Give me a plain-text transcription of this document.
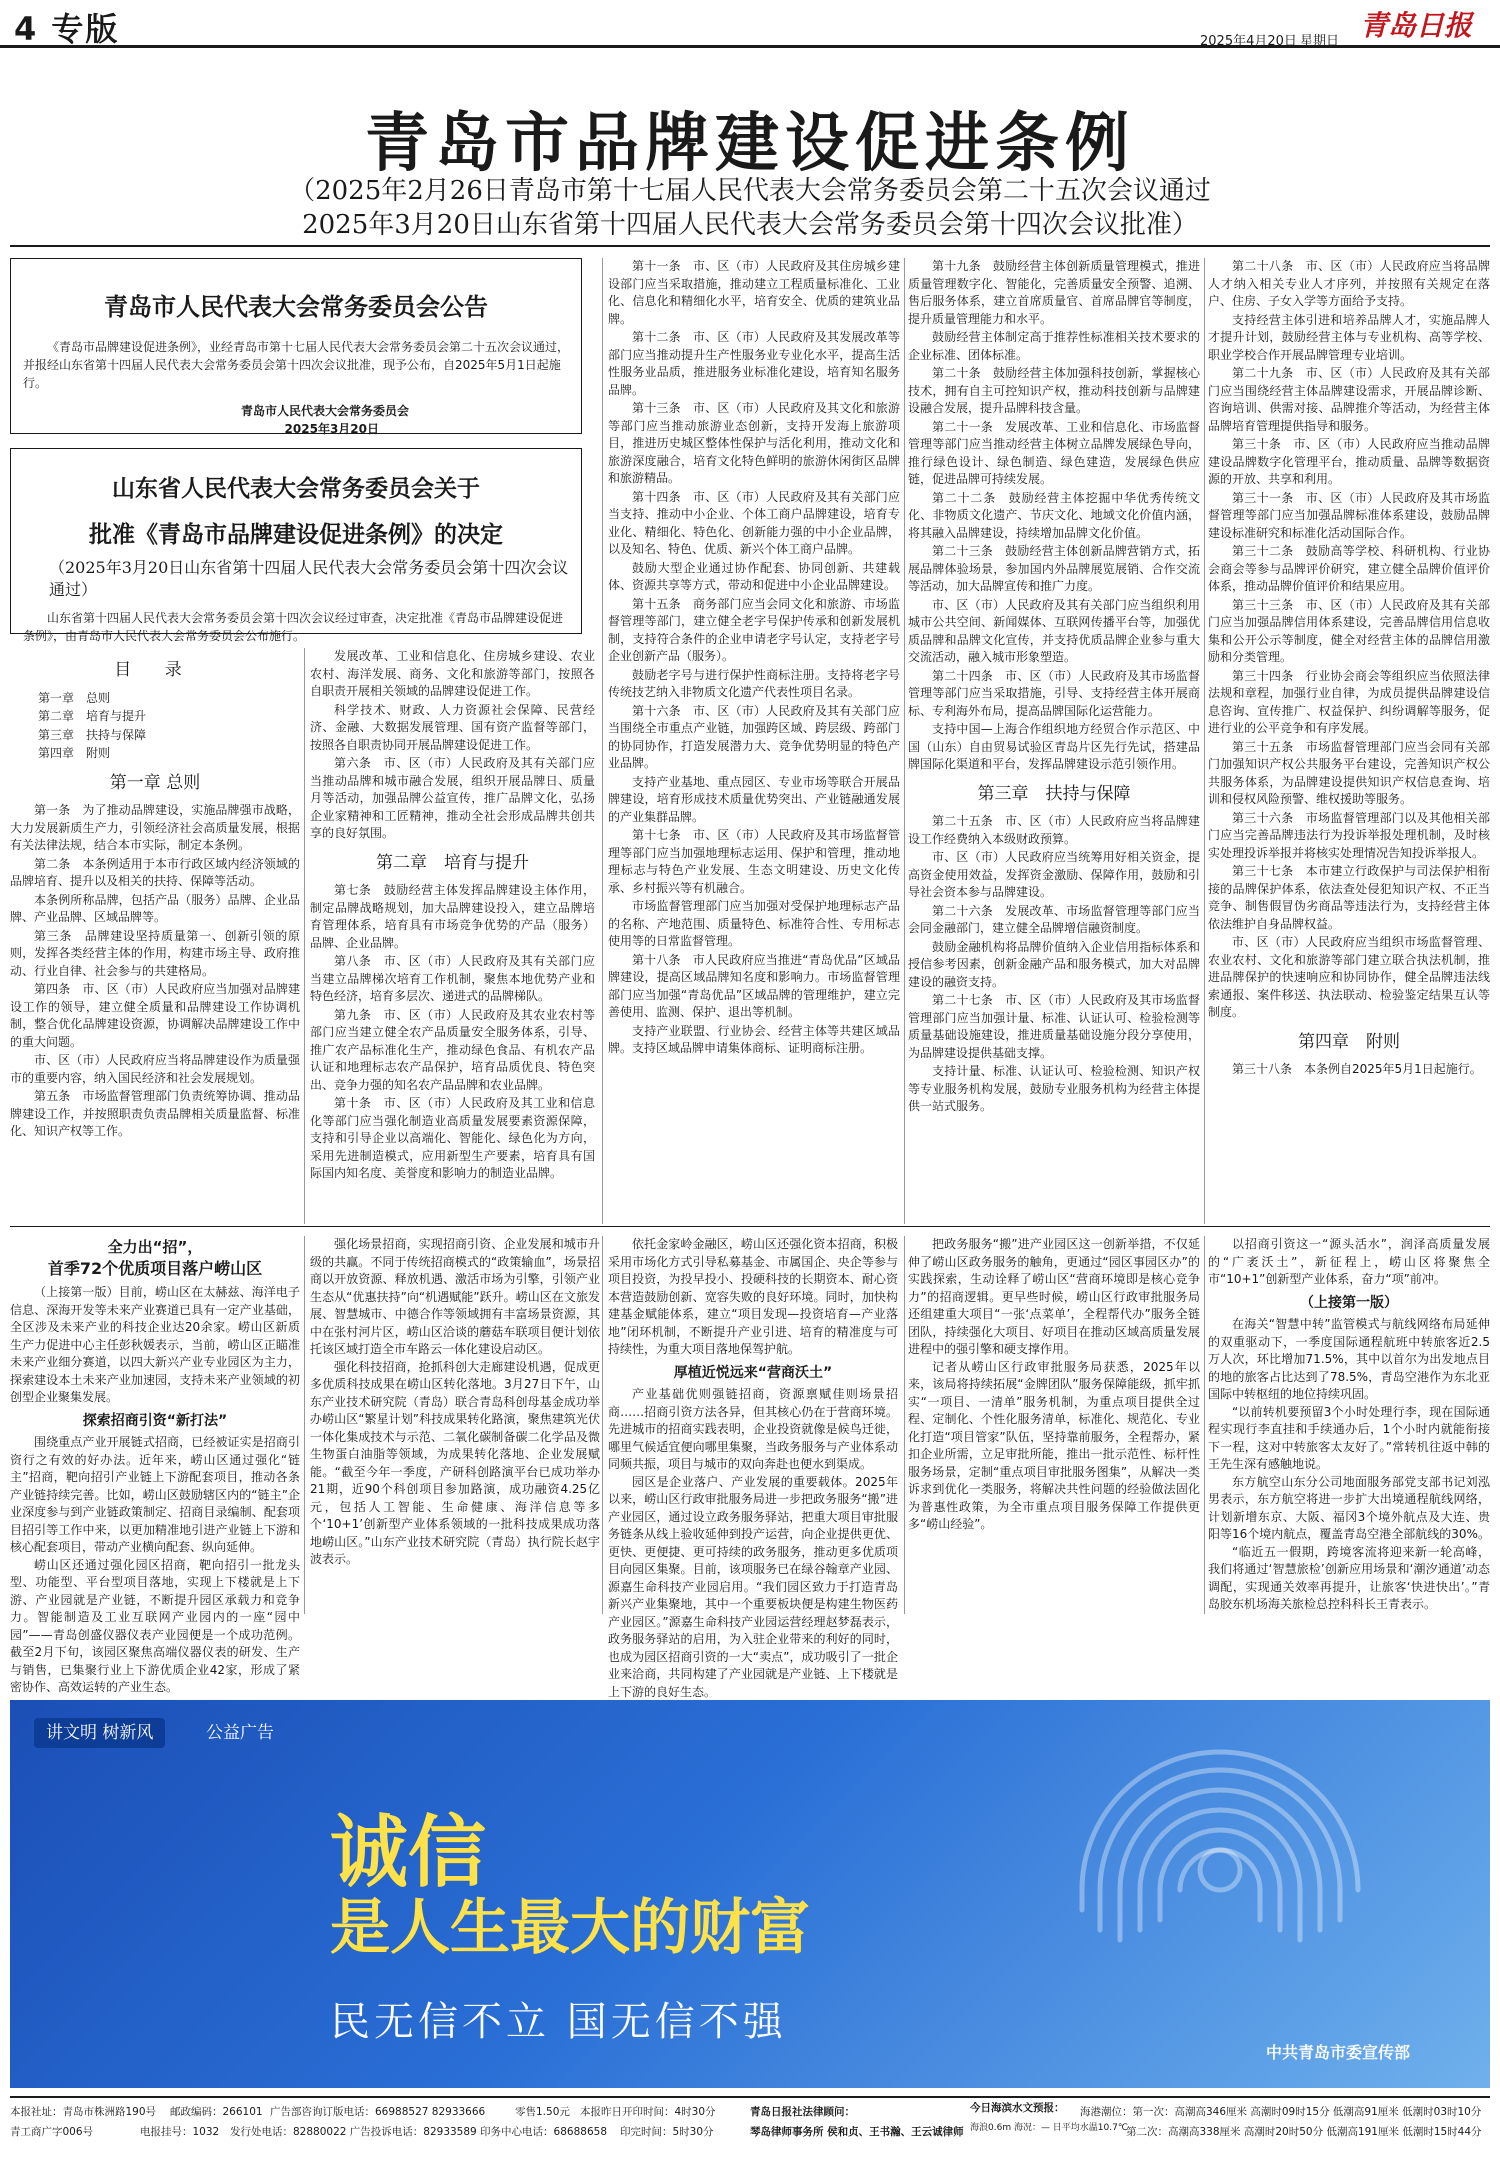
4 专版	2025年4月20日 星期日 青岛日报
青岛市品牌建设促进条例
（2025年2月26日青岛市第十七届人民代表大会常务委员会第二十五次会议通过
2025年3月20日山东省第十四届人民代表大会常务委员会第十四次会议批准）
青岛市人民代表大会常务委员会公告
《青岛市品牌建设促进条例》，业经青岛市第十七届人民代表大会常务委员会第二十五次会议通过，并报经山东省第十四届人民代表大会常务委员会第十四次会议批准，现予公布，自2025年5月1日起施行。
青岛市人民代表大会常务委员会
2025年3月20日
山东省人民代表大会常务委员会关于
批准《青岛市品牌建设促进条例》的决定
（2025年3月20日山东省第十四届人民代表大会常务委员会第十四次会议通过）
山东省第十四届人民代表大会常务委员会第十四次会议经过审查，决定批准《青岛市品牌建设促进条例》，由青岛市人民代表大会常务委员会公布施行。
目 录

第一章　总则

第二章　培育与提升

第三章　扶持与保障

第四章　附则

第一章 总则

第一条　为了推动品牌建设，实施品牌强市战略，大力发展新质生产力，引领经济社会高质量发展，根据有关法律法规，结合本市实际，制定本条例。

第二条　本条例适用于本市行政区域内经济领域的品牌培育、提升以及相关的扶持、保障等活动。

本条例所称品牌，包括产品（服务）品牌、企业品牌、产业品牌、区域品牌等。

第三条　品牌建设坚持质量第一、创新引领的原则，发挥各类经营主体的作用，构建市场主导、政府推动、行业自律、社会参与的共建格局。

第四条　市、区（市）人民政府应当加强对品牌建设工作的领导，建立健全质量和品牌建设工作协调机制，整合优化品牌建设资源，协调解决品牌建设工作中的重大问题。

市、区（市）人民政府应当将品牌建设作为质量强市的重要内容，纳入国民经济和社会发展规划。

第五条　市场监督管理部门负责统筹协调、推动品牌建设工作，并按照职责负责品牌相关质量监督、标准化、知识产权等工作。

发展改革、工业和信息化、住房城乡建设、农业农村、海洋发展、商务、文化和旅游等部门，按照各自职责开展相关领域的品牌建设促进工作。

科学技术、财政、人力资源社会保障、民营经济、金融、大数据发展管理、国有资产监督等部门，按照各自职责协同开展品牌建设促进工作。

第六条　市、区（市）人民政府及其有关部门应当推动品牌和城市融合发展，组织开展品牌日、质量月等活动，加强品牌公益宣传，推广品牌文化，弘扬企业家精神和工匠精神，推动全社会形成品牌共创共享的良好氛围。

第二章　培育与提升

第七条　鼓励经营主体发挥品牌建设主体作用，制定品牌战略规划，加大品牌建设投入，建立品牌培育管理体系，培育具有市场竞争优势的产品（服务）品牌、企业品牌。

第八条　市、区（市）人民政府及其有关部门应当建立品牌梯次培育工作机制，聚焦本地优势产业和特色经济，培育多层次、递进式的品牌梯队。

第九条　市、区（市）人民政府及其农业农村等部门应当建立健全农产品质量安全服务体系，引导、推广农产品标准化生产，推动绿色食品、有机农产品认证和地理标志农产品保护，培育品质优良、特色突出、竞争力强的知名农产品品牌和农业品牌。

第十条　市、区（市）人民政府及其工业和信息化等部门应当强化制造业高质量发展要素资源保障，支持和引导企业以高端化、智能化、绿色化为方向，采用先进制造模式，应用新型生产要素，培育具有国际国内知名度、美誉度和影响力的制造业品牌。

第十一条　市、区（市）人民政府及其住房城乡建设部门应当采取措施，推动建立工程质量标准化、工业化、信息化和精细化水平，培育安全、优质的建筑业品牌。

第十二条　市、区（市）人民政府及其发展改革等部门应当推动提升生产性服务业专业化水平，提高生活性服务业品质，推进服务业标准化建设，培育知名服务品牌。

第十三条　市、区（市）人民政府及其文化和旅游等部门应当推动旅游业态创新，支持开发海上旅游项目，推进历史城区整体性保护与活化利用，推动文化和旅游深度融合，培育文化特色鲜明的旅游休闲街区品牌和旅游精品。

第十四条　市、区（市）人民政府及其有关部门应当支持、推动中小企业、个体工商户品牌建设，培育专业化、精细化、特色化、创新能力强的中小企业品牌，以及知名、特色、优质、新兴个体工商户品牌。

鼓励大型企业通过协作配套、协同创新、共建载体、资源共享等方式，带动和促进中小企业品牌建设。

第十五条　商务部门应当会同文化和旅游、市场监督管理等部门，建立健全老字号保护传承和创新发展机制，支持符合条件的企业申请老字号认定，支持老字号企业创新产品（服务）。

鼓励老字号与进行保护性商标注册。支持将老字号传统技艺纳入非物质文化遗产代表性项目名录。

第十六条　市、区（市）人民政府及其有关部门应当围绕全市重点产业链，加强跨区域、跨层级、跨部门的协同协作，打造发展潜力大、竞争优势明显的特色产业品牌。

支持产业基地、重点园区、专业市场等联合开展品牌建设，培育形成技术质量优势突出、产业链融通发展的产业集群品牌。

第十七条　市、区（市）人民政府及其市场监督管理等部门应当加强地理标志运用、保护和管理，推动地理标志与特色产业发展、生态文明建设、历史文化传承、乡村振兴等有机融合。

市场监督管理部门应当加强对受保护地理标志产品的名称、产地范围、质量特色、标准符合性、专用标志使用等的日常监督管理。

第十八条　市人民政府应当推进“青岛优品”区域品牌建设，提高区域品牌知名度和影响力。市场监督管理部门应当加强“青岛优品”区域品牌的管理维护，建立完善使用、监测、保护、退出等机制。

支持产业联盟、行业协会、经营主体等共建区域品牌。支持区域品牌申请集体商标、证明商标注册。

第十九条　鼓励经营主体创新质量管理模式，推进质量管理数字化、智能化，完善质量安全预警、追溯、售后服务体系，建立首席质量官、首席品牌官等制度，提升质量管理能力和水平。

鼓励经营主体制定高于推荐性标准相关技术要求的企业标准、团体标准。

第二十条　鼓励经营主体加强科技创新，掌握核心技术，拥有自主可控知识产权，推动科技创新与品牌建设融合发展，提升品牌科技含量。

第二十一条　发展改革、工业和信息化、市场监督管理等部门应当推动经营主体树立品牌发展绿色导向，推行绿色设计、绿色制造、绿色建造，发展绿色供应链，促进品牌可持续发展。

第二十二条　鼓励经营主体挖掘中华优秀传统文化、非物质文化遗产、节庆文化、地域文化价值内涵，将其融入品牌建设，持续增加品牌文化价值。

第二十三条　鼓励经营主体创新品牌营销方式，拓展品牌体验场景，参加国内外品牌展览展销、合作交流等活动，加大品牌宣传和推广力度。

市、区（市）人民政府及其有关部门应当组织利用城市公共空间、新闻媒体、互联网传播平台等，加强优质品牌和品牌文化宣传，并支持优质品牌企业参与重大交流活动，融入城市形象塑造。

第二十四条　市、区（市）人民政府及其市场监督管理等部门应当采取措施，引导、支持经营主体开展商标、专利海外布局，提高品牌国际化运营能力。

支持中国—上海合作组织地方经贸合作示范区、中国（山东）自由贸易试验区青岛片区先行先试，搭建品牌国际化渠道和平台，发挥品牌建设示范引领作用。

第三章　扶持与保障

第二十五条　市、区（市）人民政府应当将品牌建设工作经费纳入本级财政预算。

市、区（市）人民政府应当统筹用好相关资金，提高资金使用效益，发挥资金激励、保障作用，鼓励和引导社会资本参与品牌建设。

第二十六条　发展改革、市场监督管理等部门应当会同金融部门，建立健全品牌增信融资制度。

鼓励金融机构将品牌价值纳入企业信用指标体系和授信参考因素，创新金融产品和服务模式，加大对品牌建设的融资支持。

第二十七条　市、区（市）人民政府及其市场监督管理部门应当加强计量、标准、认证认可、检验检测等质量基础设施建设，推进质量基础设施分段分享使用，为品牌建设提供基础支撑。

支持计量、标准、认证认可、检验检测、知识产权等专业服务机构发展，鼓励专业服务机构为经营主体提供一站式服务。

第二十八条　市、区（市）人民政府应当将品牌人才纳入相关专业人才序列，并按照有关规定在落户、住房、子女入学等方面给予支持。

支持经营主体引进和培养品牌人才，实施品牌人才提升计划，鼓励经营主体与专业机构、高等学校、职业学校合作开展品牌管理专业培训。

第二十九条　市、区（市）人民政府及其有关部门应当围绕经营主体品牌建设需求，开展品牌诊断、咨询培训、供需对接、品牌推介等活动，为经营主体品牌培育管理提供指导和服务。

第三十条　市、区（市）人民政府应当推动品牌建设品牌数字化管理平台，推动质量、品牌等数据资源的开放、共享和利用。

第三十一条　市、区（市）人民政府及其市场监督管理等部门应当加强品牌标准体系建设，鼓励品牌建设标准研究和标准化活动国际合作。

第三十二条　鼓励高等学校、科研机构、行业协会商会等参与品牌评价研究，建立健全品牌价值评价体系，推动品牌价值评价和结果应用。

第三十三条　市、区（市）人民政府及其有关部门应当加强品牌信用体系建设，完善品牌信用信息收集和公开公示等制度，健全对经营主体的品牌信用激励和分类管理。

第三十四条　行业协会商会等组织应当依照法律法规和章程，加强行业自律，为成员提供品牌建设信息咨询、宣传推广、权益保护、纠纷调解等服务，促进行业的公平竞争和有序发展。

第三十五条　市场监督管理部门应当会同有关部门加强知识产权公共服务平台建设，完善知识产权公共服务体系，为品牌建设提供知识产权信息查询、培训和侵权风险预警、维权援助等服务。

第三十六条　市场监督管理部门以及其他相关部门应当完善品牌违法行为投诉举报处理机制，及时核实处理投诉举报并将核实处理情况告知投诉举报人。

第三十七条　本市建立行政保护与司法保护相衔接的品牌保护体系，依法查处侵犯知识产权、不正当竞争、制售假冒伪劣商品等违法行为，支持经营主体依法维护自身品牌权益。

市、区（市）人民政府应当组织市场监督管理、农业农村、文化和旅游等部门建立联合执法机制，推进品牌保护的快速响应和协同协作，健全品牌违法线索通报、案件移送、执法联动、检验鉴定结果互认等制度。

第四章　附则

第三十八条　本条例自2025年5月1日起施行。

全力出“招”，
首季72个优质项目落户崂山区

（上接第一版）目前，崂山区在太赫兹、海洋电子信息、深海开发等未来产业赛道已具有一定产业基础，全区涉及未来产业的科技企业达20余家。崂山区新质生产力促进中心主任彭秋媛表示，当前，崂山区正瞄准未来产业细分赛道，以四大新兴产业专业园区为主力，探索建设本土未来产业加速园，支持未来产业领域的初创型企业聚集发展。

探索招商引资“新打法”

围绕重点产业开展链式招商，已经被证实是招商引资行之有效的好办法。近年来，崂山区通过强化“链主”招商，靶向招引产业链上下游配套项目，推动各条产业链持续完善。比如，崂山区鼓励辖区内的“链主”企业深度参与到产业链政策制定、招商目录编制、配套项目招引等工作中来，以更加精准地引进产业链上下游和核心配套项目，带动产业横向配套、纵向延伸。

崂山区还通过强化园区招商，靶向招引一批龙头型、功能型、平台型项目落地，实现上下楼就是上下游、产业园就是产业链，不断提升园区承载力和竞争力。智能制造及工业互联网产业园内的一座“园中园”——青岛创盛仪器仪表产业园便是一个成功范例。截至2月下旬，该园区聚焦高端仪器仪表的研发、生产与销售，已集聚行业上下游优质企业42家，形成了紧密协作、高效运转的产业生态。

强化场景招商，实现招商引资、企业发展和城市升级的共赢。不同于传统招商模式的“政策输血”，场景招商以开放资源、释放机遇、激活市场为引擎，引领产业生态从“优惠扶持”向“机遇赋能”跃升。崂山区在文旅发展、智慧城市、中德合作等领域拥有丰富场景资源，其中在张村河片区，崂山区洽谈的蘑菇车联项目便计划依托该区域打造全市车路云一体化建设启动区。

强化科技招商，抢抓科创大走廊建设机遇，促成更多优质科技成果在崂山区转化落地。3月27日下午，山东产业技术研究院（青岛）联合青岛科创母基金成功举办崂山区“繁星计划”科技成果转化路演，聚焦建筑光伏一体化集成技术与示范、二氧化碳制备碳二化学品及微生物蛋白油脂等领域，为成果转化落地、企业发展赋能。“截至今年一季度，产研科创路演平台已成功举办21期，近90个科创项目参加路演，成功融资4.25亿元，包括人工智能、生命健康、海洋信息等多个‘10+1’创新型产业体系领域的一批科技成果成功落地崂山区。”山东产业技术研究院（青岛）执行院长赵宇波表示。

依托金家岭金融区，崂山区还强化资本招商，积极采用市场化方式引导私募基金、市属国企、央企等参与项目投资，为投早投小、投硬科技的长期资本、耐心资本营造鼓励创新、宽容失败的良好环境。同时，加快构建基金赋能体系，建立“项目发现—投资培育—产业落地”闭环机制，不断提升产业引进、培育的精准度与可持续性，为重大项目落地保驾护航。

厚植近悦远来“营商沃土”

产业基础优则强链招商，资源禀赋佳则场景招商……招商引资方法各异，但其核心仍在于营商环境。先进城市的招商实践表明，企业投资就像是候鸟迁徙，哪里气候适宜便向哪里集聚，当政务服务与产业体系动同频共振，项目与城市的双向奔赴也便水到渠成。

园区是企业落户、产业发展的重要载体。2025年以来，崂山区行政审批服务局进一步把政务服务“搬”进产业园区，通过设立政务服务驿站，把重大项目审批服务链条从线上验收延伸到投产运营，向企业提供更优、更快、更便捷、更可持续的政务服务，推动更多优质项目向园区集聚。目前，该项服务已在绿谷翰章产业园、源嘉生命科技产业园启用。“我们园区致力于打造青岛新兴产业集聚地，其中一个重要板块便是构建生物医药产业园区。”源嘉生命科技产业园运营经理赵梦磊表示，政务服务驿站的启用，为入驻企业带来的利好的同时，也成为园区招商引资的一大“卖点”，成功吸引了一批企业来洽商，共同构建了产业园就是产业链、上下楼就是上下游的良好生态。

把政务服务“搬”进产业园区这一创新举措，不仅延伸了崂山区政务服务的触角，更通过“园区事园区办”的实践探索，生动诠释了崂山区“营商环境即是核心竞争力”的招商逻辑。更早些时候，崂山区行政审批服务局还组建重大项目“一张‘点菜单’，全程帮代办”服务全链团队，持续强化大项目、好项目在推动区域高质量发展进程中的强引擎和硬支撑作用。

记者从崂山区行政审批服务局获悉，2025年以来，该局将持续拓展“金牌团队”服务保障能级，抓牢抓实“一项目、一清单”服务机制，为重点项目提供全过程、定制化、个性化服务清单，标准化、规范化、专业化打造“项目管家”队伍，坚持靠前服务，全程帮办，紧扣企业所需，立足审批所能，推出一批示范性、标杆性服务场景，定制“重点项目审批服务图集”，从解决一类诉求到优化一类服务，将解决共性问题的经验做法固化为普惠性政策，为全市重点项目服务保障工作提供更多“崂山经验”。

以招商引资这一“源头活水”，润泽高质量发展的“广袤沃土”，新征程上，崂山区将聚焦全市“10+1”创新型产业体系，奋力“项”前冲。

（上接第一版）

在海关“智慧中转”监管模式与航线网络布局延伸的双重驱动下，一季度国际通程航班中转旅客近2.5万人次，环比增加71.5%，其中以首尔为出发地点目的地的旅客占比达到了78.5%，青岛空港作为东北亚国际中转枢纽的地位持续巩固。

“以前转机要预留3个小时处理行李，现在国际通程实现行李直挂和手续通办后，1个小时内就能衔接下一程，这对中转旅客太友好了。”常转机往返中韩的王先生深有感触地说。

东方航空山东分公司地面服务部党支部书记刘泓男表示，东方航空将进一步扩大出境通程航线网络，计划新增东京、大阪、福冈3个境外航点及大连、贵阳等16个境内航点，覆盖青岛空港全部航线的30%。

“临近五一假期，跨境客流将迎来新一轮高峰，我们将通过‘智慧旅检’创新应用场景和‘潮汐通道’动态调配，实现通关效率再提升，让旅客‘快进快出’。”青岛胶东机场海关旅检总控科科长王青表示。

讲文明 树新风	公益广告
诚信
是人生最大的财富
民无信不立 国无信不强
中共青岛市委宣传部
本报社址：青岛市株洲路190号
青工商广字006号
邮政编码：266101
电报挂号：1032
广告部咨询订版电话：66988527 82933666
发行处电话：82880022 广告投诉电话：82933589 印务中心电话：68688658
零售1.50元 本报昨日开印时间：4时30分
印完时间：5时30分
青岛日报社法律顾问：
琴岛律师事务所 侯和贞、王书瀚、王云诚律师
今日海滨水文预报：
海浪0.6m 海况：— 日平均水温10.7℃
海港潮位：第一次：高潮高346厘米 高潮时09时15分 低潮高91厘米 低潮时03时10分
第二次：高潮高338厘米 高潮时20时50分 低潮高191厘米 低潮时15时44分
